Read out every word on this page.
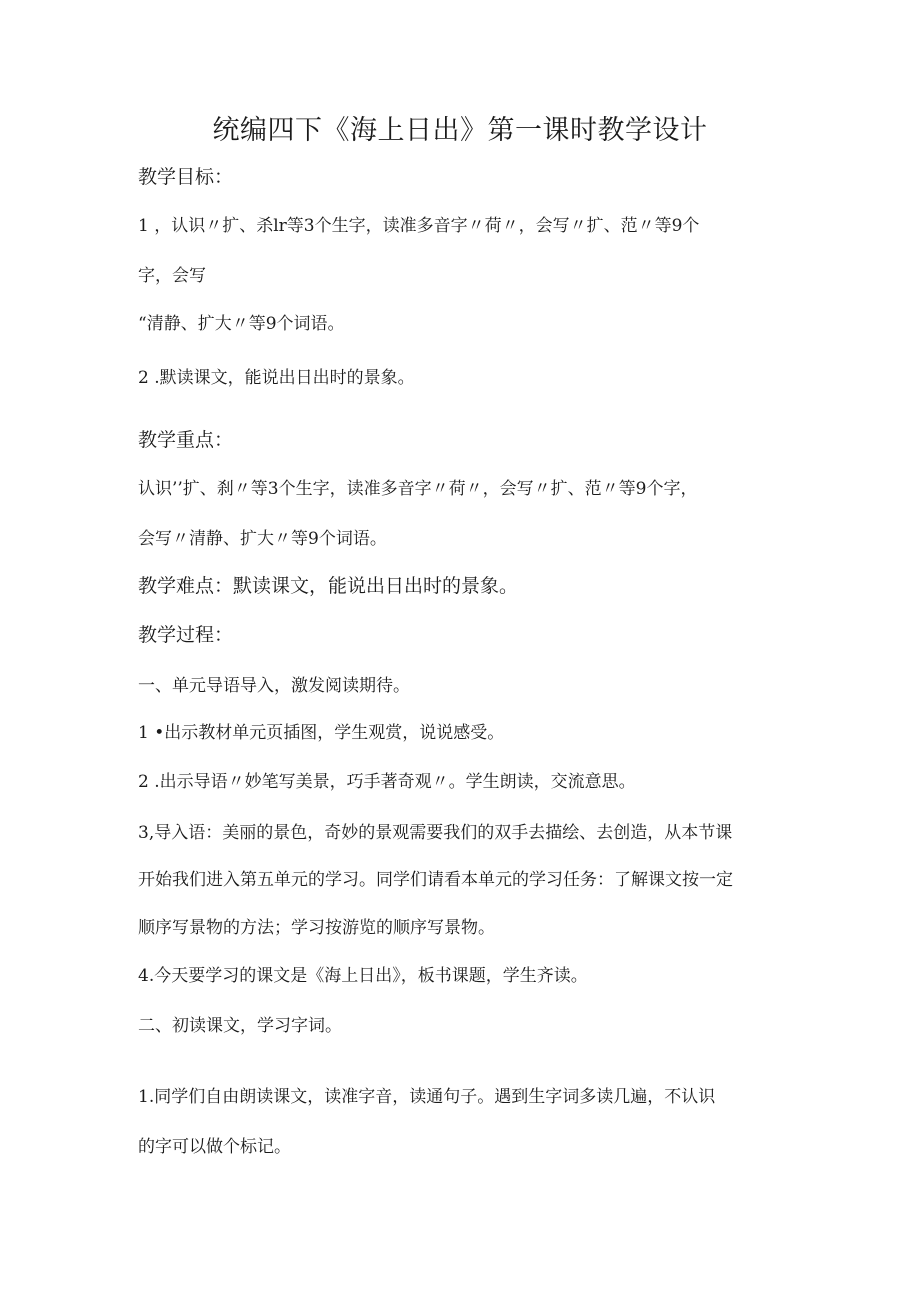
统编四下《海上日出》第一课时教学设计
教学目标：
1 ，认识〃扩、杀lr等3个生字，读准多音字〃荷〃，会写〃扩、范〃等9个
字，会写
“清静、扩大〃等9个词语。
2 .默读课文，能说出日出时的景象。
教学重点：
认识’’扩、刹〃等3个生字，读准多音字〃荷〃，会写〃扩、范〃等9个字，
会写〃清静、扩大〃等9个词语。
教学难点：默读课文，能说出日出时的景象。
教学过程：
一、单元导语导入，激发阅读期待。
1 •出示教材单元页插图，学生观赏，说说感受。
2 .出示导语〃妙笔写美景，巧手著奇观〃。学生朗读，交流意思。
3,导入语：美丽的景色，奇妙的景观需要我们的双手去描绘、去创造，从本节课
开始我们进入第五单元的学习。同学们请看本单元的学习任务：了解课文按一定
顺序写景物的方法；学习按游览的顺序写景物。
4.今天要学习的课文是《海上日出》，板书课题，学生齐读。
二、初读课文，学习字词。
1.同学们自由朗读课文，读准字音，读通句子。遇到生字词多读几遍，不认识
的字可以做个标记。
